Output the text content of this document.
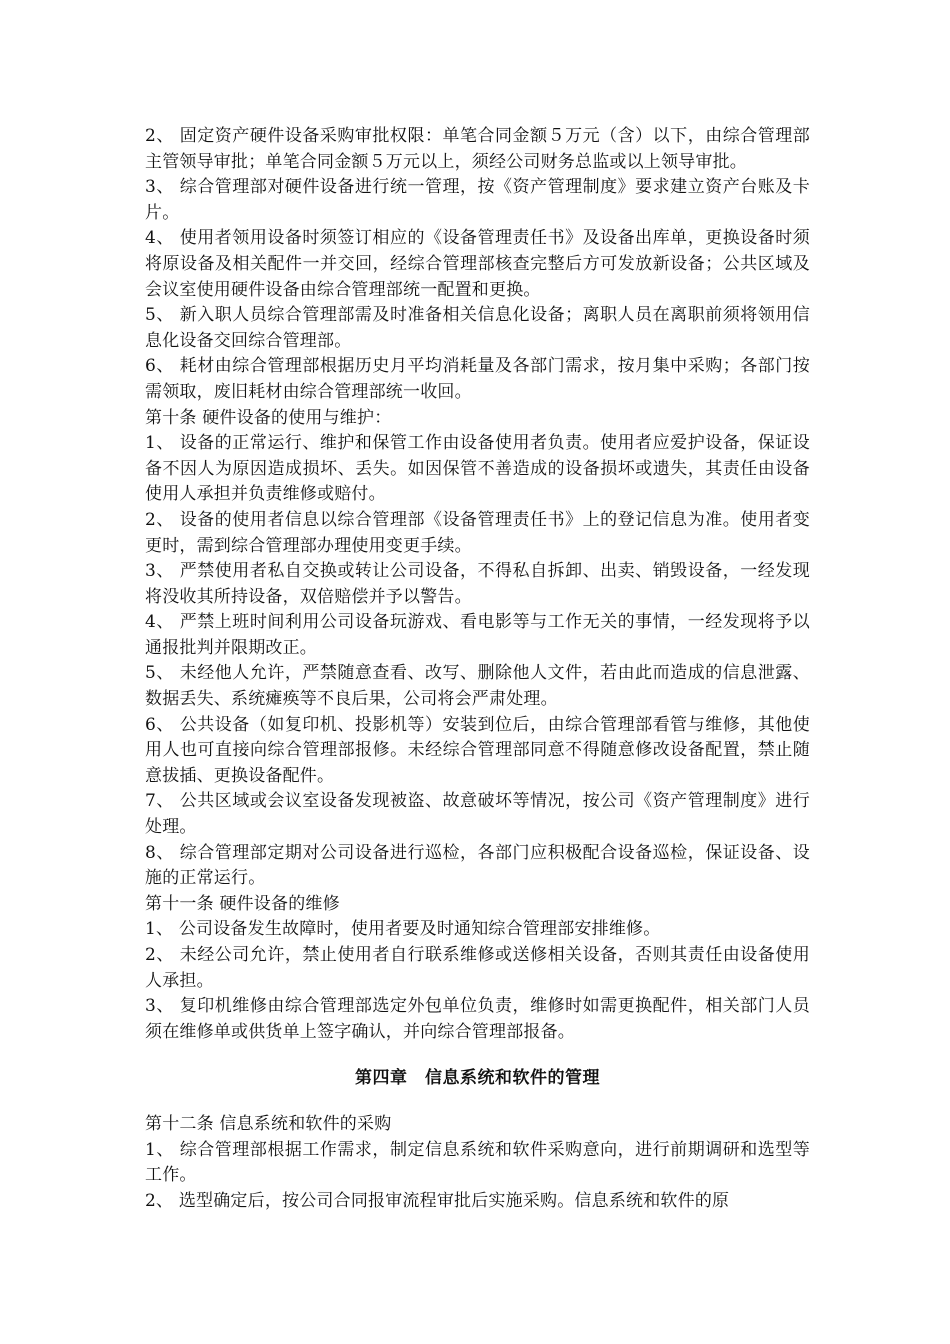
2、 固定资产硬件设备采购审批权限：单笔合同金额５万元（含）以下，由综合管理部主管领导审批；单笔合同金额５万元以上，须经公司财务总监或以上领导审批。

3、 综合管理部对硬件设备进行统一管理，按《资产管理制度》要求建立资产台账及卡片。

4、 使用者领用设备时须签订相应的《设备管理责任书》及设备出库单，更换设备时须将原设备及相关配件一并交回，经综合管理部核查完整后方可发放新设备；公共区域及会议室使用硬件设备由综合管理部统一配置和更换。

5、 新入职人员综合管理部需及时准备相关信息化设备；离职人员在离职前须将领用信息化设备交回综合管理部。

6、 耗材由综合管理部根据历史月平均消耗量及各部门需求，按月集中采购；各部门按需领取，废旧耗材由综合管理部统一收回。

第十条 硬件设备的使用与维护：

1、 设备的正常运行、维护和保管工作由设备使用者负责。使用者应爱护设备，保证设备不因人为原因造成损坏、丢失。如因保管不善造成的设备损坏或遗失，其责任由设备使用人承担并负责维修或赔付。

2、 设备的使用者信息以综合管理部《设备管理责任书》上的登记信息为准。使用者变更时，需到综合管理部办理使用变更手续。

3、 严禁使用者私自交换或转让公司设备，不得私自拆卸、出卖、销毁设备，一经发现将没收其所持设备，双倍赔偿并予以警告。

4、 严禁上班时间利用公司设备玩游戏、看电影等与工作无关的事情，一经发现将予以通报批判并限期改正。

5、 未经他人允许，严禁随意查看、改写、删除他人文件，若由此而造成的信息泄露、数据丢失、系统瘫痪等不良后果，公司将会严肃处理。

6、 公共设备（如复印机、投影机等）安装到位后，由综合管理部看管与维修，其他使用人也可直接向综合管理部报修。未经综合管理部同意不得随意修改设备配置，禁止随意拔插、更换设备配件。

7、 公共区域或会议室设备发现被盗、故意破坏等情况，按公司《资产管理制度》进行处理。

8、 综合管理部定期对公司设备进行巡检，各部门应积极配合设备巡检，保证设备、设施的正常运行。

第十一条 硬件设备的维修

1、 公司设备发生故障时，使用者要及时通知综合管理部安排维修。

2、 未经公司允许，禁止使用者自行联系维修或送修相关设备，否则其责任由设备使用人承担。

3、 复印机维修由综合管理部选定外包单位负责，维修时如需更换配件，相关部门人员须在维修单或供货单上签字确认，并向综合管理部报备。

第四章　信息系统和软件的管理

第十二条 信息系统和软件的采购

1、 综合管理部根据工作需求，制定信息系统和软件采购意向，进行前期调研和选型等工作。

2、 选型确定后，按公司合同报审流程审批后实施采购。信息系统和软件的原
